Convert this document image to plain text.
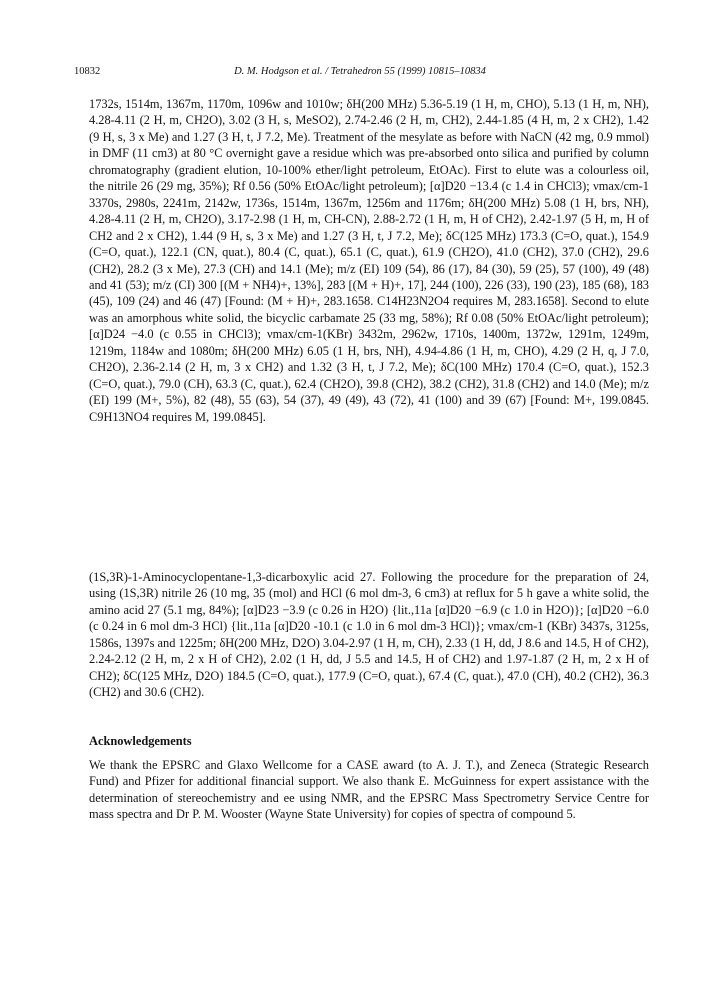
10832	D. M. Hodgson et al. / Tetrahedron 55 (1999) 10815–10834

1732s, 1514m, 1367m, 1170m, 1096w and 1010w; δH(200 MHz) 5.36-5.19 (1 H, m, CHO), 5.13 (1 H, m, NH), 4.28-4.11 (2 H, m, CH2O), 3.02 (3 H, s, MeSO2), 2.74-2.46 (2 H, m, CH2), 2.44-1.85 (4 H, m, 2 x CH2), 1.42 (9 H, s, 3 x Me) and 1.27 (3 H, t, J 7.2, Me). Treatment of the mesylate as before with NaCN (42 mg, 0.9 mmol) in DMF (11 cm3) at 80 °C overnight gave a residue which was pre-absorbed onto silica and purified by column chromatography (gradient elution, 10-100% ether/light petroleum, EtOAc). First to elute was a colourless oil, the nitrile 26 (29 mg, 35%); Rf 0.56 (50% EtOAc/light petroleum); [α]D20 −13.4 (c 1.4 in CHCl3); νmax/cm-1 3370s, 2980s, 2241m, 2142w, 1736s, 1514m, 1367m, 1256m and 1176m; δH(200 MHz) 5.08 (1 H, brs, NH), 4.28-4.11 (2 H, m, CH2O), 3.17-2.98 (1 H, m, CH-CN), 2.88-2.72 (1 H, m, H of CH2), 2.42-1.97 (5 H, m, H of CH2 and 2 x CH2), 1.44 (9 H, s, 3 x Me) and 1.27 (3 H, t, J 7.2, Me); δC(125 MHz) 173.3 (C=O, quat.), 154.9 (C=O, quat.), 122.1 (CN, quat.), 80.4 (C, quat.), 65.1 (C, quat.), 61.9 (CH2O), 41.0 (CH2), 37.0 (CH2), 29.6 (CH2), 28.2 (3 x Me), 27.3 (CH) and 14.1 (Me); m/z (EI) 109 (54), 86 (17), 84 (30), 59 (25), 57 (100), 49 (48) and 41 (53); m/z (CI) 300 [(M + NH4)+, 13%], 283 [(M + H)+, 17], 244 (100), 226 (33), 190 (23), 185 (68), 183 (45), 109 (24) and 46 (47) [Found: (M + H)+, 283.1658. C14H23N2O4 requires M, 283.1658]. Second to elute was an amorphous white solid, the bicyclic carbamate 25 (33 mg, 58%); Rf 0.08 (50% EtOAc/light petroleum); [α]D24 −4.0 (c 0.55 in CHCl3); νmax/cm-1(KBr) 3432m, 2962w, 1710s, 1400m, 1372w, 1291m, 1249m, 1219m, 1184w and 1080m; δH(200 MHz) 6.05 (1 H, brs, NH), 4.94-4.86 (1 H, m, CHO), 4.29 (2 H, q, J 7.0, CH2O), 2.36-2.14 (2 H, m, 3 x CH2) and 1.32 (3 H, t, J 7.2, Me); δC(100 MHz) 170.4 (C=O, quat.), 152.3 (C=O, quat.), 79.0 (CH), 63.3 (C, quat.), 62.4 (CH2O), 39.8 (CH2), 38.2 (CH2), 31.8 (CH2) and 14.0 (Me); m/z (EI) 199 (M+, 5%), 82 (48), 55 (63), 54 (37), 49 (49), 43 (72), 41 (100) and 39 (67) [Found: M+, 199.0845. C9H13NO4 requires M, 199.0845].

(1S,3R)-1-Aminocyclopentane-1,3-dicarboxylic acid 27. Following the procedure for the preparation of 24, using (1S,3R) nitrile 26 (10 mg, 35 (mol) and HCl (6 mol dm-3, 6 cm3) at reflux for 5 h gave a white solid, the amino acid 27 (5.1 mg, 84%); [α]D23 −3.9 (c 0.26 in H2O) {lit.,11a [α]D20 −6.9 (c 1.0 in H2O)}; [α]D20 −6.0 (c 0.24 in 6 mol dm-3 HCl) {lit.,11a [α]D20 -10.1 (c 1.0 in 6 mol dm-3 HCl)}; νmax/cm-1 (KBr) 3437s, 3125s, 1586s, 1397s and 1225m; δH(200 MHz, D2O) 3.04-2.97 (1 H, m, CH), 2.33 (1 H, dd, J 8.6 and 14.5, H of CH2), 2.24-2.12 (2 H, m, 2 x H of CH2), 2.02 (1 H, dd, J 5.5 and 14.5, H of CH2) and 1.97-1.87 (2 H, m, 2 x H of CH2); δC(125 MHz, D2O) 184.5 (C=O, quat.), 177.9 (C=O, quat.), 67.4 (C, quat.), 47.0 (CH), 40.2 (CH2), 36.3 (CH2) and 30.6 (CH2).

Acknowledgements

We thank the EPSRC and Glaxo Wellcome for a CASE award (to A. J. T.), and Zeneca (Strategic Research Fund) and Pfizer for additional financial support. We also thank E. McGuinness for expert assistance with the determination of stereochemistry and ee using NMR, and the EPSRC Mass Spectrometry Service Centre for mass spectra and Dr P. M. Wooster (Wayne State University) for copies of spectra of compound 5.
